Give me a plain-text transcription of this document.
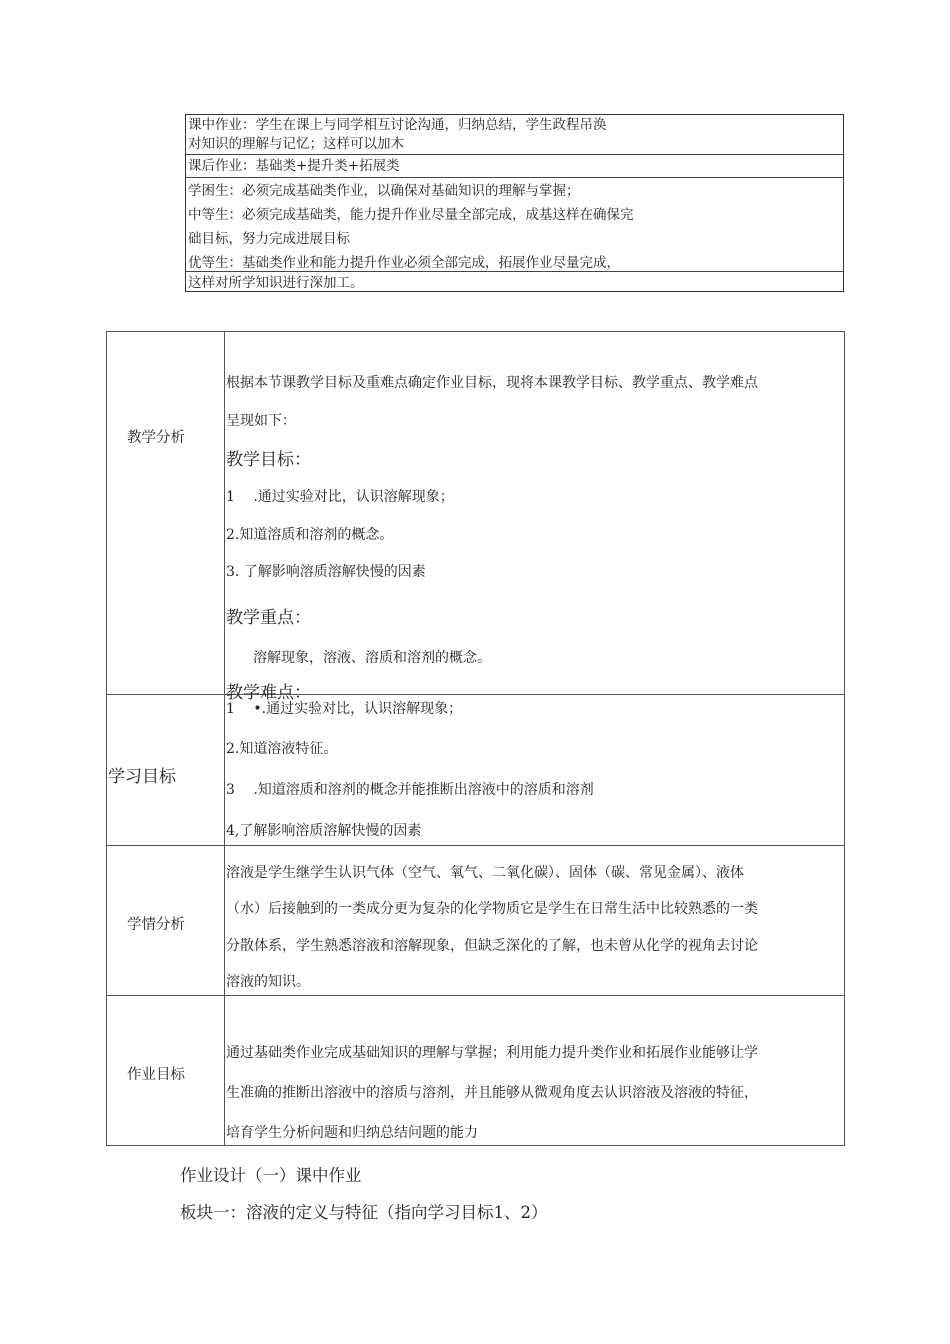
课中作业：学生在课上与同学相互讨论沟通，归纳总结，学生政程吊涣
对知识的理解与记忆；这样可以加木
课后作业：基础类+提升类+拓展类
学困生：必须完成基础类作业，以确保对基础知识的理解与掌握；
中等生：必须完成基础类，能力提升作业尽量全部完成，成基这样在确保完
础目标，努力完成进展目标
优等生：基础类作业和能力提升作业必须全部完成，拓展作业尽量完成，
这样对所学知识进行深加工。
教学分析
根据本节课教学目标及重难点确定作业目标，现将本课教学目标、教学重点、教学难点
呈现如下：
教学目标：
1　 .通过实验对比，认识溶解现象；
2.知道溶质和溶剂的概念。
3. 了解影响溶质溶解快慢的因素
教学重点：
溶解现象，溶液、溶质和溶剂的概念。
教学难点：
学习目标
1　 •.通过实验对比，认识溶解现象；
2.知道溶液特征。
3　 .知道溶质和溶剂的概念并能推断出溶液中的溶质和溶剂
4,了解影响溶质溶解快慢的因素
学情分析
溶液是学生继学生认识气体（空气、氧气、二氧化碳）、固体（碳、常见金属）、液体
（水）后接触到的一类成分更为复杂的化学物质它是学生在日常生活中比较熟悉的一类
分散体系，学生熟悉溶液和溶解现象，但缺乏深化的了解，也未曾从化学的视角去讨论
溶液的知识。
作业目标
通过基础类作业完成基础知识的理解与掌握；利用能力提升类作业和拓展作业能够让学
生准确的推断出溶液中的溶质与溶剂，并且能够从微观角度去认识溶液及溶液的特征，
培育学生分析问题和归纳总结问题的能力
作业设计（一）课中作业
板块一：溶液的定义与特征（指向学习目标1、2）
